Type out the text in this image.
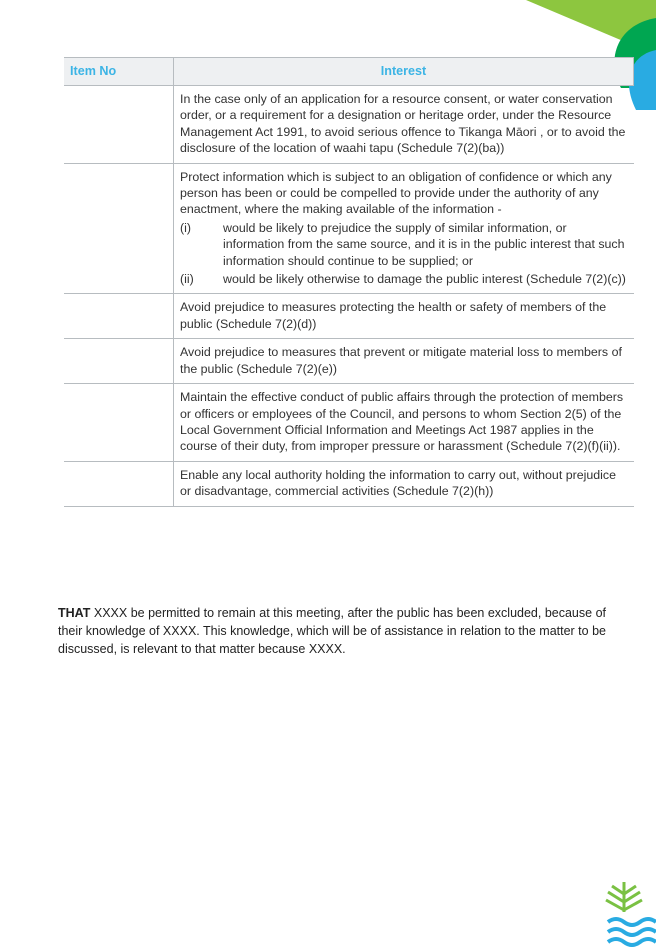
Item No	Interest
	In the case only of an application for a resource consent, or water conservation order, or a requirement for a designation or heritage order, under the Resource Management Act 1991, to avoid serious offence to Tikanga Māori , or to avoid the disclosure of the location of waahi tapu (Schedule 7(2)(ba))

	Protect information which is subject to an obligation of confidence or which any person has been or could be compelled to provide under the authority of any enactment, where the making available of the information -
(i) would be likely to prejudice the supply of similar information, or information from the same source, and it is in the public interest that such information should continue to be supplied; or
(ii) would be likely otherwise to damage the public interest (Schedule 7(2)(c))

	Avoid prejudice to measures protecting the health or safety of members of the public (Schedule 7(2)(d))
	Avoid prejudice to measures that prevent or mitigate material loss to members of the public (Schedule 7(2)(e))
	Maintain the effective conduct of public affairs through the protection of members or officers or employees of the Council, and persons to whom Section 2(5) of the Local Government Official Information and Meetings Act 1987 applies in the course of their duty, from improper pressure or harassment (Schedule 7(2)(f)(ii)).
	Enable any local authority holding the information to carry out, without prejudice or disadvantage, commercial activities (Schedule 7(2)(h))

THAT XXXX be permitted to remain at this meeting, after the public has been excluded, because of their knowledge of XXXX. This knowledge, which will be of assistance in relation to the matter to be discussed, is relevant to that matter because XXXX.
